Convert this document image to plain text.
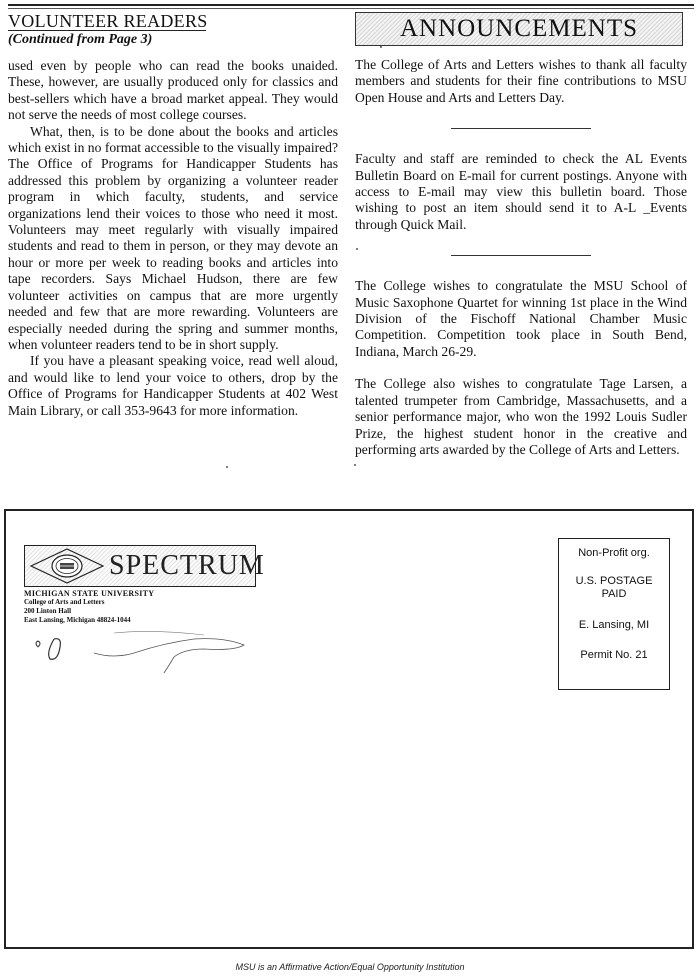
VOLUNTEER READERS
(Continued from Page 3)

used even by people who can read the books unaided. These, however, are usually produced only for classics and best-sellers which have a broad market appeal. They would not serve the needs of most college courses.

What, then, is to be done about the books and articles which exist in no format accessible to the visually impaired? The Office of Programs for Handicapper Students has addressed this problem by organizing a volunteer reader program in which faculty, students, and service organizations lend their voices to those who need it most. Volunteers may meet regularly with visually impaired students and read to them in person, or they may devote an hour or more per week to reading books and articles into tape recorders. Says Michael Hudson, there are few volunteer activities on campus that are more urgently needed and few that are more rewarding. Volunteers are especially needed during the spring and summer months, when volunteer readers tend to be in short supply.

If you have a pleasant speaking voice, read well aloud, and would like to lend your voice to others, drop by the Office of Programs for Handicapper Students at 402 West Main Library, or call 353-9643 for more information.

ANNOUNCEMENTS

The College of Arts and Letters wishes to thank all faculty members and students for their fine contributions to MSU Open House and Arts and Letters Day.

Faculty and staff are reminded to check the AL Events Bulletin Board on E-mail for current postings. Anyone with access to E-mail may view this bulletin board. Those wishing to post an item should send it to A-L _Events through Quick Mail.

The College wishes to congratulate the MSU School of Music Saxophone Quartet for winning 1st place in the Wind Division of the Fischoff National Chamber Music Competition. Competition took place in South Bend, Indiana, March 26-29.

The College also wishes to congratulate Tage Larsen, a talented trumpeter from Cambridge, Massachusetts, and a senior performance major, who won the 1992 Louis Sudler Prize, the highest student honor in the creative and performing arts awarded by the College of Arts and Letters.

SPECTRUM
MICHIGAN STATE UNIVERSITY
College of Arts and Letters
200 Linton Hall
East Lansing, Michigan 48824-1044
Non-Profit org.
U.S. POSTAGE
PAID
E. Lansing, MI
Permit No. 21
MSU is an Affirmative Action/Equal Opportunity Institution
